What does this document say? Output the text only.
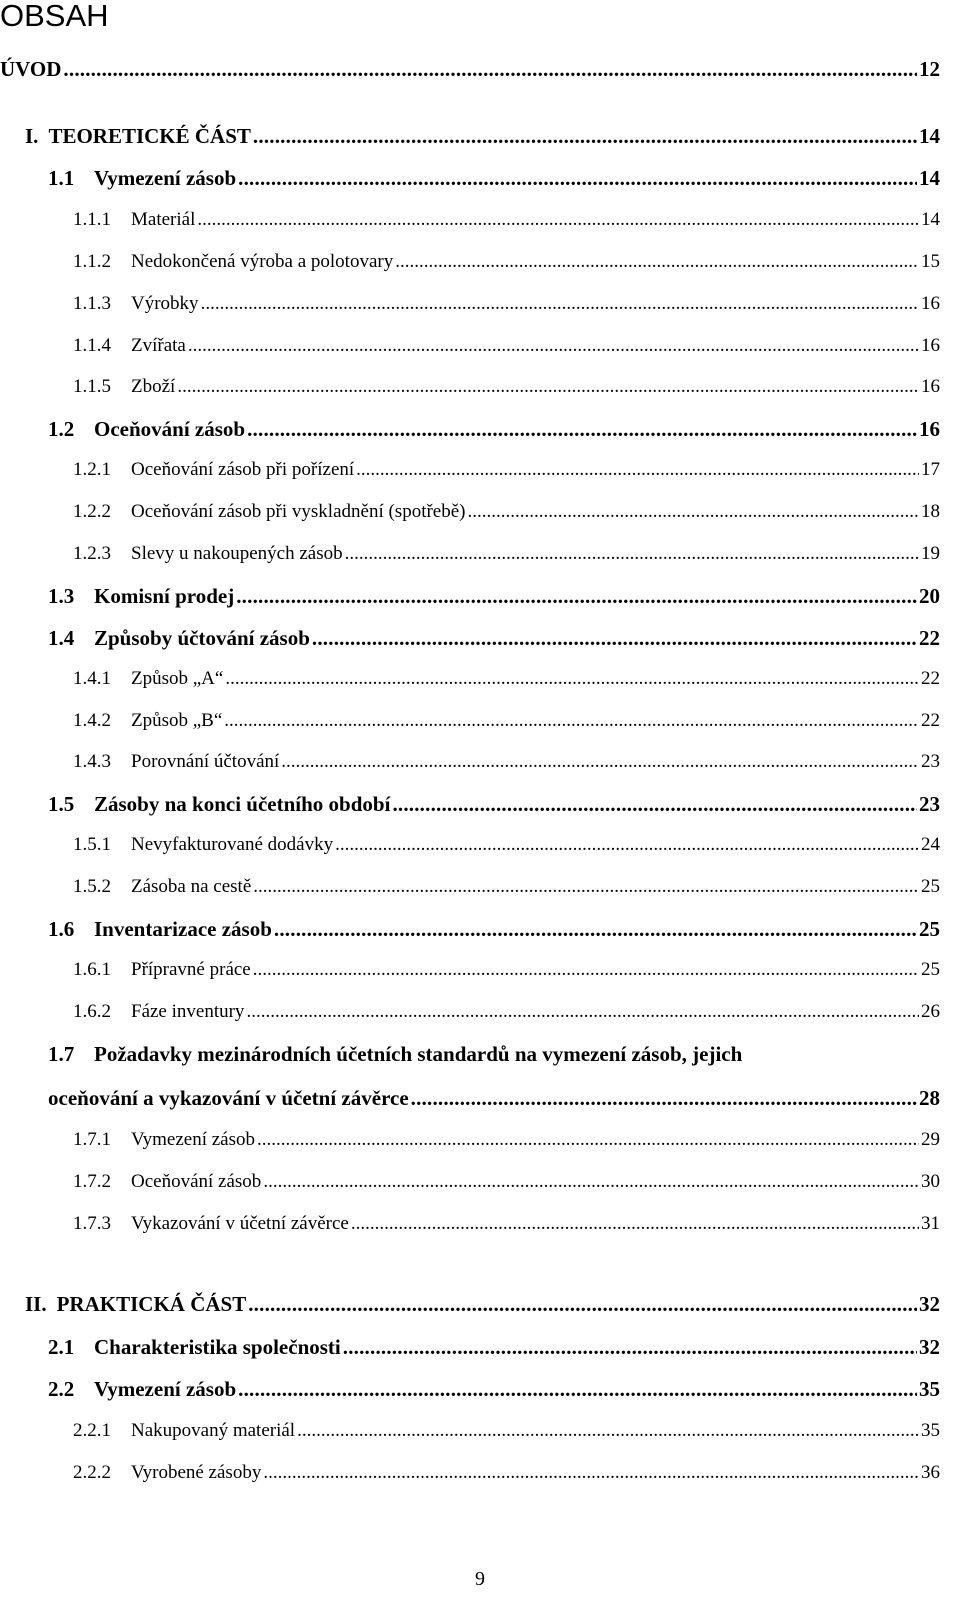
OBSAH
ÚVOD .....	12
I. TEORETICKÉ ČÁST .....	14
1.1 Vymezení zásob .....	14
1.1.1	Materiál .....	14
1.1.2	Nedokončená výroba a polotovary .....	15
1.1.3	Výrobky .....	16
1.1.4	Zvířata .....	16
1.1.5	Zboží .....	16
1.2 Oceňování zásob .....	16
1.2.1	Oceňování zásob při pořízení .....	17
1.2.2	Oceňování zásob při vyskladnění (spotřebě) .....	18
1.2.3	Slevy u nakoupených zásob .....	19
1.3 Komisní prodej .....	20
1.4 Způsoby účtování zásob .....	22
1.4.1	Způsob „A“ .....	22
1.4.2	Způsob „B“ .....	22
1.4.3	Porovnání účtování .....	23
1.5 Zásoby na konci účetního období .....	23
1.5.1	Nevyfakturované dodávky .....	24
1.5.2	Zásoba na cestě .....	25
1.6 Inventarizace zásob .....	25
1.6.1	Přípravné práce .....	25
1.6.2	Fáze inventury .....	26
1.7 Požadavky mezinárodních účetních standardů na vymezení zásob, jejich
oceňování a vykazování v účetní závěrce .....	28
1.7.1	Vymezení zásob .....	29
1.7.2	Oceňování zásob .....	30
1.7.3	Vykazování v účetní závěrce .....	31
II. PRAKTICKÁ ČÁST .....	32
2.1 Charakteristika společnosti .....	32
2.2 Vymezení zásob .....	35
2.2.1	Nakupovaný materiál .....	35
2.2.2	Vyrobené zásoby .....	36
9
